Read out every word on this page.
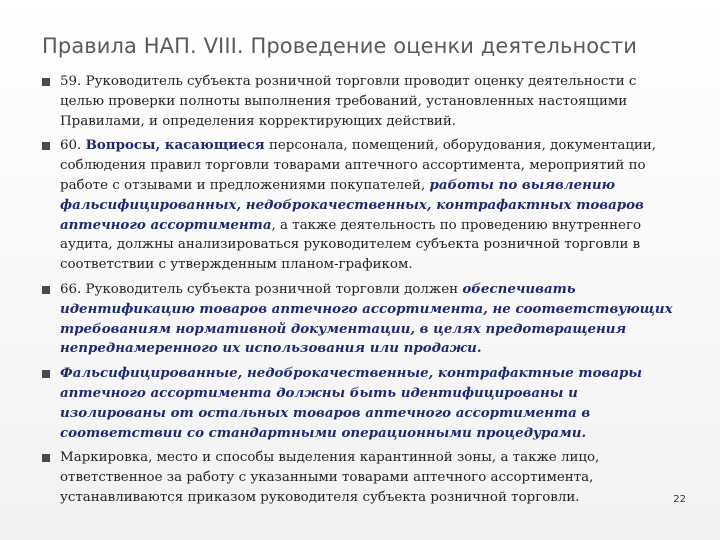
Правила НАП. VIII. Проведение оценки деятельности
59. Руководитель субъекта розничной торговли проводит оценку деятельности с целью проверки полноты выполнения требований, установленных настоящими Правилами, и определения корректирующих действий.
60. Вопросы, касающиеся персонала, помещений, оборудования, документации, соблюдения правил торговли товарами аптечного ассортимента, мероприятий по работе с отзывами и предложениями покупателей, работы по выявлению фальсифицированных, недоброкачественных, контрафактных товаров аптечного ассортимента, а также деятельность по проведению внутреннего аудита, должны анализироваться руководителем субъекта розничной торговли в соответствии с утвержденным планом-графиком.
66. Руководитель субъекта розничной торговли должен обеспечивать идентификацию товаров аптечного ассортимента, не соответствующих требованиям нормативной документации, в целях предотвращения непреднамеренного их использования или продажи.
Фальсифицированные, недоброкачественные, контрафактные товары аптечного ассортимента должны быть идентифицированы и изолированы от остальных товаров аптечного ассортимента в соответствии со стандартными операционными процедурами.
Маркировка, место и способы выделения карантинной зоны, а также лицо, ответственное за работу с указанными товарами аптечного ассортимента, устанавливаются приказом руководителя субъекта розничной торговли.	22
